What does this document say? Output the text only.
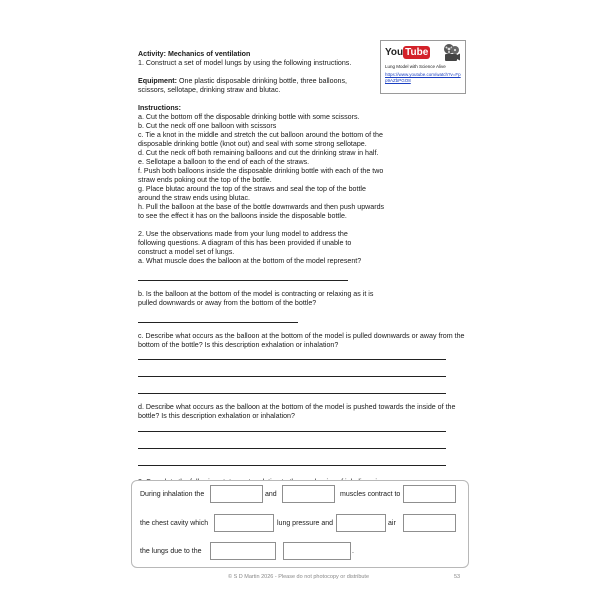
You Tube
Lung Model with Science Alive
https://www.youtube.com/watch?v=Fpp9AZbPGO8
Activity: Mechanics of ventilation
1. Construct a set of model lungs by using the following instructions.
Equipment: One plastic disposable drinking bottle, three balloons, scissors, sellotape, drinking straw and blutac.
Instructions:
a. Cut the bottom off the disposable drinking bottle with some scissors.
b. Cut the neck off one balloon with scissors
c. Tie a knot in the middle and stretch the cut balloon around the bottom of the disposable drinking bottle (knot out) and seal with some strong sellotape.
d. Cut the neck off both remaining balloons and cut the drinking straw in half.
e. Sellotape a balloon to the end of each of the straws.
f. Push both balloons inside the disposable drinking bottle with each of the two straw ends poking out the top of the bottle.
g. Place blutac around the top of the straws and seal the top of the bottle around the straw ends using blutac.
h. Pull the balloon at the base of the bottle downwards and then push upwards to see the effect it has on the balloons inside the disposable bottle.
2. Use the observations made from your lung model to address the following questions. A diagram of this has been provided if unable to construct a model set of lungs.
a. What muscle does the balloon at the bottom of the model represent?
b. Is the balloon at the bottom of the model is contracting or relaxing as it is pulled downwards or away from the bottom of the bottle?
c. Describe what occurs as the balloon at the bottom of the model is pulled downwards or away from the bottom of the bottle? Is this description exhalation or inhalation?
d. Describe what occurs as the balloon at the bottom of the model is pushed towards the inside of the bottle? Is this description exhalation or inhalation?
During inhalation the	and	muscles contract to
the chest cavity which	lung pressure and	air
the lungs due to the	.
© S D Martin 2026 - Please do not photocopy or distribute	53
